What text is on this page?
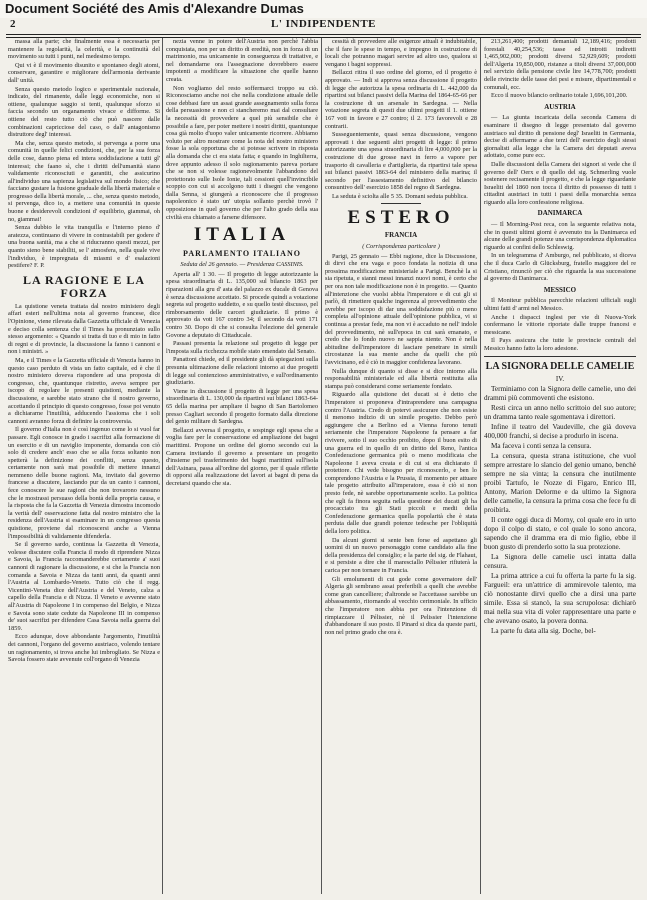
Document Société des Amis d'Alexandre Dumas
2	L' INDIPENDENTE

massa alla parte; che finalmente essa è necessaria per mantenere la regolarità, la celerità, e la continuità del movimento su tutti i punti, nel medesimo tempo.

Qui vi è il movimento disunito e spontaneo degli atomi, conservare, garantire e migliorare dell'armonia derivante dall' unità.

Senza questo metodo logico e sperimentale razionale, indicato, del rimanente, dalle leggi economiche, non si ottiene, qualunque saggio si tenti, qualunque sforzo si faccia secondo un organamento vivace e difforme. Si ottiene del resto tutto ciò che può nascere dalle combinazioni capricciose del caso, o dall' antagonismo distruttore degl' interessi.

Ma che, senza questo metodo, si pervenga a porre una comunità in quelle felici condizioni, che, per la sua forza delle cose, danno piena ed intera soddisfazione a tutti gl' interessi; che faano sì, che i diritti dell'umanità siano validamente riconosciuti e garantiti, che assicurino all'individuo una sapienza legislativa sul mondo fisico; che facciano gustare la fusione graduale della libertà materiale e progresso della libertà morale, ... che, senza questo metodo, si pervenga, dico io, a mettere una comunità in queste buone e desiderevoli condizioni d' equilibrio, giammai, oh no, giammai!

Senza dubbio le vita tranquilla e l'interno pieno d' aratezza, continuano di vivere in contrastabili per godere d' una buona sanità, ma a che si riducranno questi mezzi, per quanto sieno bene stabiliti, se l' atmosfera, nella quale vive l'individuo, è impregnata di miasmi e d' esalazioni pestifere? F. P.

LA RAGIONE E LA FORZA

La quistione veneta trattata dal nostro ministero degli affari esteri nell'ultima nota al governo francese, dice l'Opinione, viene rilevata dalla Gazzetta ufficiale di Venezia e deciso colla sentenza che il Times ha pronunziato sullo stesso argomento: « Quando si tratta di tuo e di mio in fatto di regni e di provincie, la discussione la fanno i cannoni e non i ministri. »

Ma, e il Times e la Gazzetta ufficiale di Venezia hanno in questo caso perduto di vista un fatto capitale, ed è che il nostro ministero doveva rispondere ad una proposta di congresso, che, quantunque ristretto, aveva sempre per iscopo di regolare le presenti quistioni, mediante la discussione, e sarebbe stato strano che il nostro governo, accettando il principio di questo congresso, fosse poi venuto a dichiararne l'inutilità, adducendo l'assioma che i soli cannoni avranno forza di definire la controversia.

Il governo d'Italia non è così ingenuo come lo si vuol far passare. Egli conosce in grado i sacrifizi alla formazione di un esercito e di un naviglio imponente, domanda con ciò solo di credere anch' esso che se alla forza soltanto non spetterà la definizione dei conflitti, senza questo, certamente non sarà mai possibile di mettere innanzi nemmeno delle buone ragioni. Ma, invitato dal governo francese a discutere, lasciando pur da un canto i cannoni, fece conoscere le sue ragioni che non trovarono nessuno che le mostrassi persuaso della bontà della propria causa, e la risposta che fa la Gazzetta di Venezia dimostra incomodo la verità dell' osservazione fatta dal nostro ministro che la residenza dell'Austria si esaminare in un congresso questa quistione, proviene dal riconoscersi anche a Vienna l'impossibilità di validamente difenderla.

Se il governo sardo, continua la Gazzetta di Venezia, volesse discutere colla Francia il modo di riprendere Nizza e Savoia, la Francia raccomanderebbe certamente a' suoi cannoni di ragionare la discussione, e si che la Francia non comanda a Savoia e Nizza da tanti anni, da quanti anni l'Austria al Lombardo-Veneto. Tutto ciò che il regg. Vicentini-Veneta dice dell'Austria e del Veneto, calza a capello della Francia e di Nizza. Il Veneto e avvenne stato all'Austria di Napoleone I in compenso del Belgio, e Nizza e Savoia sono state cedute da Napoleone III in compenso de' suoi sacrifizi per difendere Casa Savoia nella guerra del 1859.

Ecco adunque, dove abbondante l'argomento, l'inutilità dei cannoni, l'organo del governo austriaco, volendo tentare un ragionamento, si trova anche lui imbrogliato. Se Nizza e Savoia fossero state avvenute coll'organo di Venezia

nezia venne in potere dell'Austria non perchè l'abbia conquistata, non per un diritto di eredità, non in forza di un matrimonio, ma unicamente in conseguenza di trattative, e nel domandarne ora l'assegnazione dovrebbero essere impotenti a modificare la situazione che quelle hanno creata.

Non vogliamo del resto soffermarci troppo su ciò. Riconosciamo anche noi che nella condizione attuale delle cose debbasi fare un assai grande assegnamento sulla forza della persuasione e non ci stancheremo mai dal consultare la necessità di provvedere a quel più sensibile che è possibile a fare, per poter mettere i nostri diritti, quantunque cosa già molto d'uopo valer unicamente ricorrere. Abbiamo voluto per altro mostrare come la nota del nostro ministero fosse la sola opportuna che si potesse scrivere in risposta alla domanda che ci era stata fatta; e quando in Inghilterra, dove appunto adesso il solo ragionamento pareva portare che se non si volesse ragionevolmente l'abbandono del protettorato sulle Isole Ionie, tali cessioni quell'invincibile scoppio con cui si accolgono tutti i disegni che vengono dalla Senna, si giungerà a riconoscere che il progresso napoleonico è stato un' utopia sollanto perchè trovò l' opposizione in quel governo che per l'alto grado della sua civiltà era chiamato a farsene difensore.

ITALIA
PARLAMENTO ITALIANO
Seduta del 26 gennaio. — Presidenza CASSINIS.

Aperta all' 1 30. — Il progetto di legge autorizzante la spesa straordinaria di L. 135,000 sul bilancio 1863 per riparazioni alla gru d' asta del palazzo ex ducale di Genova è senza discussione accettato. Si procede quindi a votazione segreta sul progetto suddetto, e su quello testè discusso, pel rimborsamento delle carceri giudiziarie. Il primo è approvato da voti 167 contro 34; il secondo da voti 171 contro 30. Dopo di che si consulta l'elezione del generale Govone a deputato di Cittaducale.

Passasi presenta la relazione sul progetto di legge per l'imposta sulla ricchezza mobile stato emendato dal Senato.

Panattoni chiede, ed il presidente gli dà spiegazioni sulla presunta ultimazione delle relazioni intorno ai due progetti di legge sul contenzioso amministrativo, e sull'ordinamento giudiziario.

Viene in discussione il progetto di legge per una spesa straordinaria di L. 130,000 da ripartirsi sui bilanci 1863-64-65 della marina per ampliare il bagno di San Bartolomeo presso Cagliari secondo il progetto formato dalla direzione del genio militare di Sardegna.

Bellazzi avversa il progetto, e sospinge egli spesa che a voglia fare per le conservazione ed ampliazione dei bagni marittimi. Propone un ordine del giorno secondo cui la Camera invitando il governo a presentare un progetto d'insieme pel trasferimento dei bagni marittimi sull'isola dell'Asinara, passa all'ordine del giorno, per il quale riflette di opporsi alla realizzazione dei lavori ai bagni di pena da decretarsi quando che sia.

cessità di provvedere alle esigenze attuali è indubitabile, che il fare le spese in tempo, e impegno in costruzione di locali che potranno magari servire ad altro uso, qualora si vengano i bagni soppressi.

Bellazzi ritira il suo ordine del giorno, ed il progetto è approvato. — Indi si approva senza discussione il progetto di legge che autorizza la spesa ordinaria di L. 442,000 da ripartirsi sui bilanci passivi della Marina del 1864-65-66 per la costruzione di un arsenale in Sardegna. — Nella votazione segreta di questi due ultimi progetti il 1. ottiene 167 voti in favore e 27 contro; il 2. 173 favorevoli e 28 contrarii.

Susseguentemente, quasi senza discussione, vengono approvati i due seguenti altri progetti di legge: il primo autorizzante una spesa straordinaria di lire 4,000,000 per la costruzione di due grosse navi in ferro a vapore per trasporto di cavalleria e d'artiglieria, da ripartirsi tale spesa sui bilanci passivi 1863-64 del ministero della marina; il secondo per l'assestamento definitivo del bilancio consuntivo dell' esercizio 1858 del regno di Sardegna.

La seduta è sciolta alle 5 35. Domani seduta pubblica.

ESTERO
FRANCIA
( Corrispondenza particolare )

Parigi, 25 gennaio — Ebbi ragione, dice la Discussione, di dirvi che era vaga e poco fondata la notizia di una prossima modificazione ministeriale a Parigi. Benchè la si sia ripetuta, e sianni messi innanzi nuovi nomi, è certo che per ora non tale modificazione non è in progetto. — Quanto all'intenzione che vuolsi abbia l'imperatore e di cui gli si parlò, di rimettere qualche ingerenza al provvedimento che avrebbe per iscopo di dar una soddisfazione più o meno completa all'opinione attuale dell'opinione pubblica, vi si continua a prestar fede, ma non vi è accaduto ne nell' indole del provvedimento, nè sull'epoca in cui sarà emanato, e credo che lo fondo nuovo ne sappia niente. Non è nella abitudine dell'imperatore di lasciare penetrare in simili circostanze la sua mente anche da quelli che più l'avvicinano, ed è ciò in maggior confidenza lavorano.

Nulla dunque di quanto si disse e si dice intorno alla responsabilità ministeriale ed alla libertà restituita alla stampa può considerarsi come seriamente fondato.

Riguardo alla quistione dei ducati si è detto che l'imperatore si proponeva d'intraprendere una campagna contro l'Austria. Credo di potervi assicurare che non esiste il menomo indizio di un simile progetto. Debbo però aggiungere che a Berlino ed a Vienna furono tenuti seriamente che l'imperatore Napoleone fa pensare a far rivivere, sotto il suo occhio proibito, dopo il buon esito di una guerra ed in quello di un diritto del Reno, l'antica Confederazione germanica più o meno modificata che Napoleone I aveva creata e di cui si era dichiarato il protettore. Chi vede bisogno per riconoscerlo, e ben lo comprendono l'Austria e la Prussia, il momento per attuare tale progetto attribuito all'imperatore, essa è ciò si non presto fede, nè sarebbe opportunamente scelto. La politica che egli fa finora seguita nella questione dei ducati gli ha procacciato tra gli Stati piccoli e medii della Confederazione germanica quella popolarità che è stata perduta dalle due grandi potenze tedesche per l'obliquità della loro politica.

Da alcuni giorni si sente ben forse ed aspettano gli uomini di un nuovo personaggio come candidato alla fine della presidenza del consiglio; e la parte del sig. de Flahaut, e si persiste a dire che il maresciallo Pélissier rifiuterà la carica per non tornare in Francia.

Gli emolumenti di cui gode come governatore dell' Algeria gli sembrano assai preferibili a quelli che avrebbe come gran cancelliere; d'altronde se l'accettasse sarebbe un abbassamento, ritornando al vecchio cerimoniale. In ufficio che l'imperatore non abbia per ora l'intenzione di rimpiazzare il Pélissier, nè il Pelissier l'intenzione d'abbandonare il suo posto. Il Pinard si dica da queste parti, non nel primo grado che ora è.

213,261,400; prodotti demaniali 12,189,416; prodotti forestali 40,254,536; tasse ed introiti indiretti 1,465,902,000; prodotti diversi 52,929,609; prodotti dell'Algeria 19,850,000, ristanze a titoli diversi 37,000,000 nel servizio della pensione civile lire 14,778,700; prodotti delle rivincite delle tasse dei pesi e misure, dipartimentali e comunali, ecc.

Ecco il nuovo bilancio ordinario totale 1,696,101,200.

AUSTRIA

— La giunta incaricata della seconda Camera di esaminare il disegno di legge presentato dal governo austriaco sul diritto di pensione degl' Israeliti in Germania, decise di affermarne a due terzi dell' esercizio degli stessi giornalisti alla legge che la Camera dei deputati aveva adottato, come pure ecc.

Dalle discussioni della Camera dei signori si vede che il governo dell' Oerx e di quello del sig. Schmerling vuole sostenere recisamente il progetto, e che la legge riguardante Israeliti del 1860 non tocca il diritto di possesso di tutti i cittadini austriaci in tutti i paesi della monarchia senza riguardo alla loro confessione religiosa.

DANIMARCA

— Il Morning-Post reca, con la seguente relativa nota, che in questi ultimi giorni è avvenuto tra la Danimarca ed alcune delle grandi potenze una corrispondenza diplomatica riguardo ai confini dello Schleswig.

In un telegramma d' Amburgo, nel pubblicato, si diceva che il duca Carlo di Glücksburg, fratello maggiore del re Cristiano, rinunciò per ciò che riguarda la sua successione al governo di Danimarca.

MESSICO

Il Moniteur pubblica parecchie relazioni ufficiali sugli ultimi fatti d' armi nel Messico.

Anche i dispacci inglesi per vie di Nuova-York confermano le vittorie riportate dalle truppe francesi e messicane.

Il Pays assicura che tutte le provincie centrali del Messico hanno fatto la loro adesione.

LA SIGNORA DELLE CAMELIE
IV.

Terminiamo con la Signora delle camelie, uno dei drammi più commoventi che esistono.

Resti circa un anno nello scrittoio del suo autore; un dramma tanto reale sgomentava i direttori.

Infine il teatro del Vaudeville, che già doveva 400,000 franchi, si decise a produrlo in iscena.

Ma faceva i conti senza la censura.

La censura, questa strana istituzione, che vuol sempre arrestare lo slancio del genio umano, benchè sempre ne sia vinta; la censura che inutilmente proibì Tartufo, le Nozze di Figaro, Enrico III, Antony, Marion Delorme e da ultimo la Signora delle camelie, la censura la prima cosa che fece fu di proibirla.

Il conte oggi duca di Morny, col quale ero in urto dopo il colpo di stato, e col quale lo sono ancora, sapendo che il dramma era di mio figlio, ebbe il buon gusto di prenderlo sotto la sua protezione.

La Signora delle camelie uscì intatta dalla censura.

La prima attrice a cui fu offerta la parte fu la sig. Fargueil: era un'attrice di ammirevole talento, ma ciò nonostante dirvi quello che a dirsi una parte simile. Essa si stancò, la sua scrupolosa: dichiarò mai nella sua vita di voler rappresentare una parte e che avevano osato, la povera donna.

La parte fu data alla sig. Doche, bel-
